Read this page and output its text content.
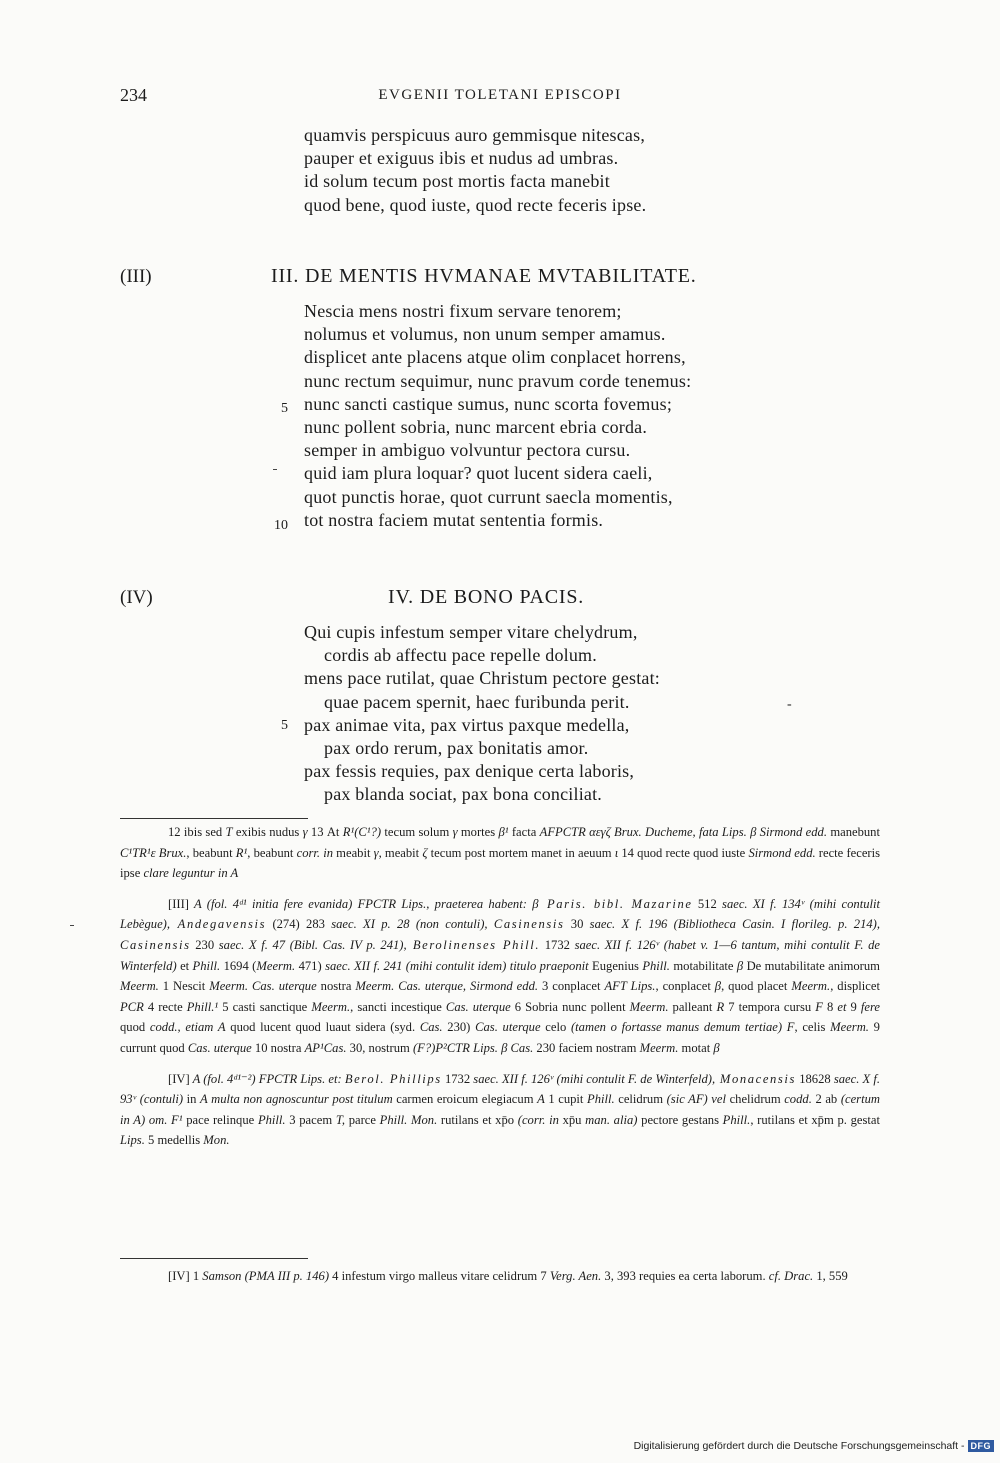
234	EVGENII TOLETANI EPISCOPI
quamvis perspicuus auro gemmisque nitescas,
pauper et exiguus ibis et nudus ad umbras.
id solum tecum post mortis facta manebit
quod bene, quod iuste, quod recte feceris ipse.
(III)	III. DE MENTIS HVMANAE MVTABILITATE.
Nescia mens nostri fixum servare tenorem;
nolumus et volumus, non unum semper amamus.
displicet ante placens atque olim conplacet horrens,
nunc rectum sequimur, nunc pravum corde tenemus:
nunc sancti castique sumus, nunc scorta fovemus;
nunc pollent sobria, nunc marcent ebria corda.
semper in ambiguo volvuntur pectora cursu.
quid iam plura loquar? quot lucent sidera caeli,
quot punctis horae, quot currunt saecla momentis,
tot nostra faciem mutat sententia formis.
5
10
(IV)	IV. DE BONO PACIS.
Qui cupis infestum semper vitare chelydrum,
cordis ab affectu pace repelle dolum.
mens pace rutilat, quae Christum pectore gestat:
quae pacem spernit, haec furibunda perit.
pax animae vita, pax virtus paxque medella,
pax ordo rerum, pax bonitatis amor.
pax fessis requies, pax denique certa laboris,
pax blanda sociat, pax bona conciliat.
5
-

12 ibis sed T exibis nudus γ 13 At R¹(C¹?) tecum solum γ mortes β¹ facta AFPCTR αεγζ Brux. Ducheme, fata Lips. β Sirmond edd. manebunt C¹TR¹ε Brux., beabunt R¹, beabunt corr. in meabit γ, meabit ζ tecum post mortem manet in aeuum ι 14 quod recte quod iuste Sirmond edd. recte feceris ipse clare leguntur in A

[III] A (fol. 4ᵈ¹ initia fere evanida) FPCTR Lips., praeterea habent: β Paris. bibl. Mazarine 512 saec. XI f. 134ᵛ (mihi contulit Lebègue), Andegavensis (274) 283 saec. XI p. 28 (non contuli), Casinensis 30 saec. X f. 196 (Bibliotheca Casin. I florileg. p. 214), Casinensis 230 saec. X f. 47 (Bibl. Cas. IV p. 241), Berolinenses Phill. 1732 saec. XII f. 126ᵛ (habet v. 1—6 tantum, mihi contulit F. de Winterfeld) et Phill. 1694 (Meerm. 471) saec. XII f. 241 (mihi contulit idem) titulo praeponit Eugenius Phill. motabilitate β De mutabilitate animorum Meerm. 1 Nescit Meerm. Cas. uterque nostra Meerm. Cas. uterque, Sirmond edd. 3 conplacet AFT Lips., conplacet β, quod placet Meerm., displicet PCR 4 recte Phill.¹ 5 casti sanctique Meerm., sancti incestique Cas. uterque 6 Sobria nunc pollent Meerm. palleant R 7 tempora cursu F 8 et 9 fere quod codd., etiam A quod lucent quod luaut sidera (syd. Cas. 230) Cas. uterque celo (tamen o fortasse manus demum tertiae) F, celis Meerm. 9 currunt quod Cas. uterque 10 nostra AP¹Cas. 30, nostrum (F?)P²CTR Lips. β Cas. 230 faciem nostram Meerm. motat β

[IV] A (fol. 4ᵈ¹⁻²) FPCTR Lips. et: Berol. Phillips 1732 saec. XII f. 126ᵛ (mihi contulit F. de Winterfeld), Monacensis 18628 saec. X f. 93ᵛ (contuli) in A multa non agnoscuntur post titulum carmen eroicum elegiacum A 1 cupit Phill. celidrum (sic AF) vel chelidrum codd. 2 ab (certum in A) om. F¹ pace relinque Phill. 3 pacem T, parce Phill. Mon. rutilans et xp̄o (corr. in xp̄u man. alia) pectore gestans Phill., rutilans et xp̄m p. gestat Lips. 5 medellis Mon.

[IV] 1 Samson (PMA III p. 146) 4 infestum virgo malleus vitare celidrum 7 Verg. Aen. 3, 393 requies ea certa laborum. cf. Drac. 1, 559

Digitalisierung gefördert durch die Deutsche Forschungsgemeinschaft - DFG
